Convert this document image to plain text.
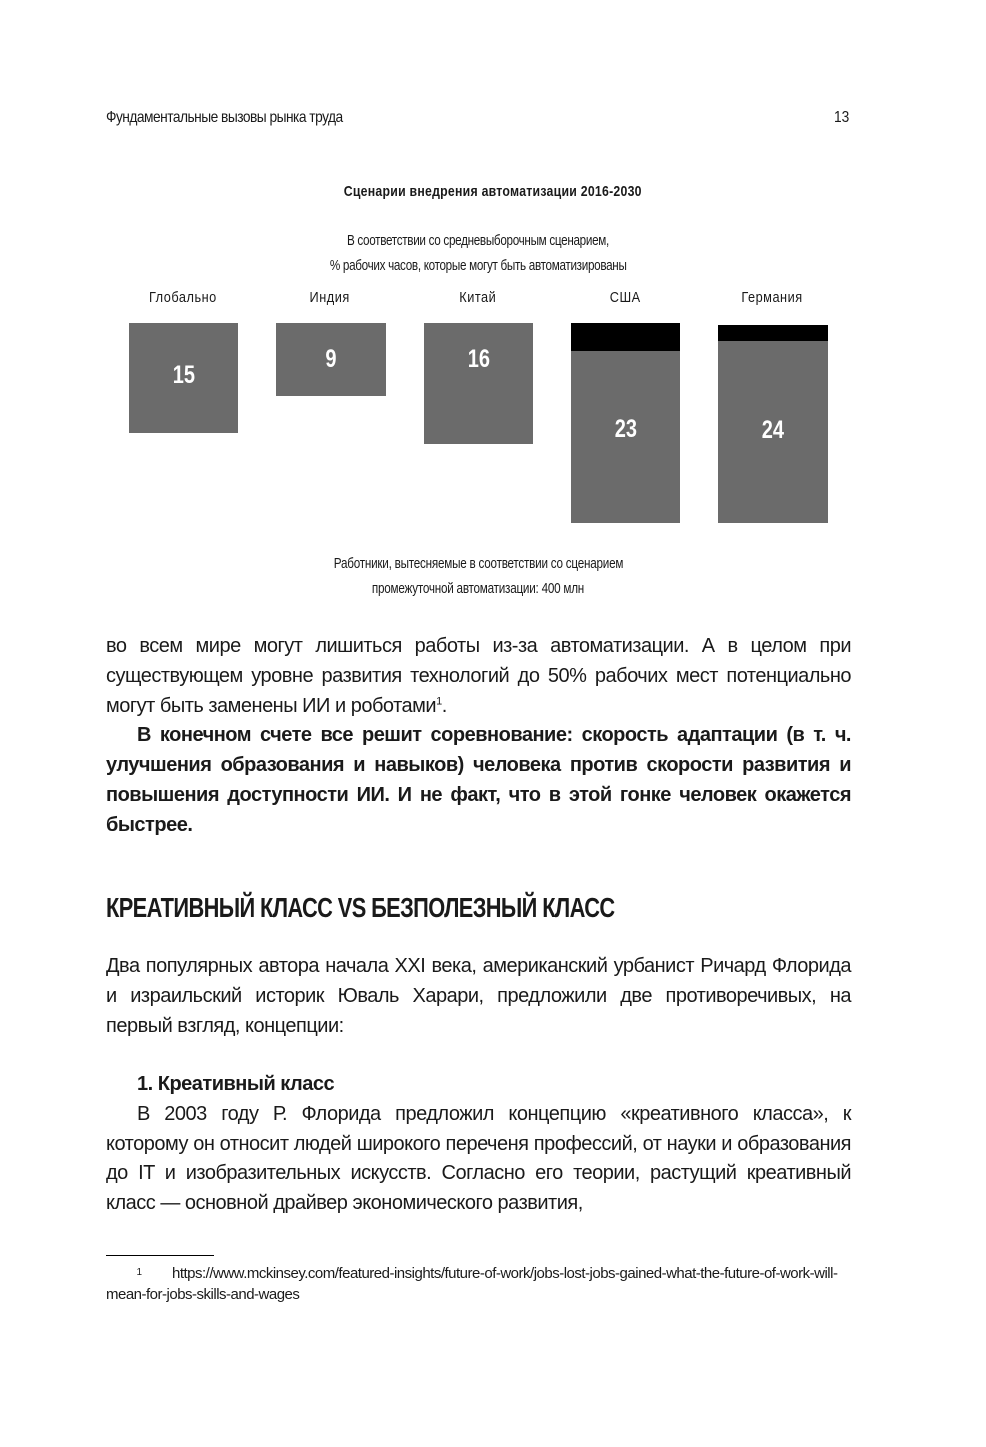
Фундаментальные вызовы рынка труда	13
Сценарии внедрения автоматизации 2016-2030
В соответствии со средневыборочным сценарием,
% рабочих часов, которые могут быть автоматизированы
Глобально	Индия	Китай	США	Германия
15
9	16
23	24
Работники, вытесняемые в соответствии со сценарием
промежуточной автоматизации: 400 млн

во всем мире могут лишиться работы из-за автоматизации. А в целом при существующем уровне развития технологий до 50% рабочих мест потенциально могут быть заменены ИИ и роботами$^1$.

В конечном счете все решит соревнование: скорость адаптации (в т. ч. улучшения образования и навыков) человека против скорости развития и повышения доступности ИИ. И не факт, что в этой гонке человек окажется быстрее.

КРЕАТИВНЫЙ КЛАСС VS БЕЗПОЛЕЗНЫЙ КЛАСС

Два популярных автора начала XXI века, американский урбанист Ричард Флорида и израильский историк Юваль Харари, предложили две противоречивых, на первый взгляд, концепции:

1. Креативный класс

В 2003 году Р. Флорида предложил концепцию «креативного класса», к которому он относит людей широкого переченя профессий, от науки и образования до IT и изобразительных искусств. Согласно его теории, растущий креативный класс — основной драйвер экономического развития,

1 https://www.mckinsey.com/featured-insights/future-of-work/jobs-lost-jobs-gained-what-the-future-of-work-will-mean-for-jobs-skills-and-wages
